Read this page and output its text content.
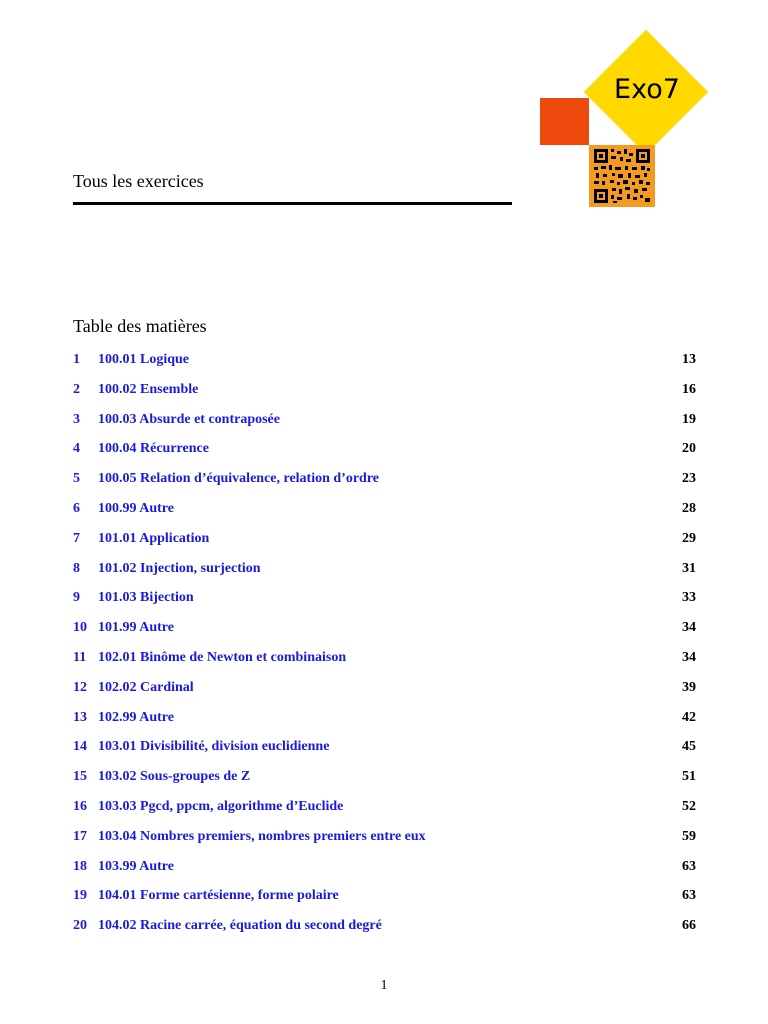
Exo7
Tous les exercices
Table des matières
1	100.01 Logique	13
2	100.02 Ensemble	16
3	100.03 Absurde et contraposée	19
4	100.04 Récurrence	20
5	100.05 Relation d’équivalence, relation d’ordre	23
6	100.99 Autre	28
7	101.01 Application	29
8	101.02 Injection, surjection	31
9	101.03 Bijection	33
10 101.99 Autre	34
11 102.01 Binôme de Newton et combinaison	34
12 102.02 Cardinal	39
13 102.99 Autre	42
14 103.01 Divisibilité, division euclidienne	45
15 103.02 Sous-groupes de Z	51
16 103.03 Pgcd, ppcm, algorithme d’Euclide	52
17 103.04 Nombres premiers, nombres premiers entre eux	59
18 103.99 Autre	63
19 104.01 Forme cartésienne, forme polaire	63
20 104.02 Racine carrée, équation du second degré	66
1
